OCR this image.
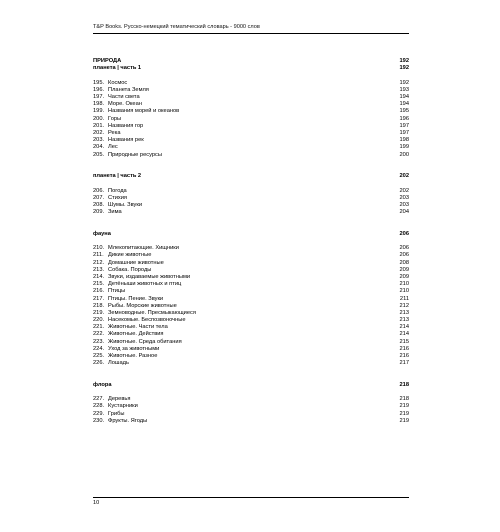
T&P Books. Русско-немецкий тематический словарь - 9000 слов
ПРИРОДА	192
планета | часть 1	192
195. Космос	192
196. Планета Земля	193
197. Части света	194
198. Море. Океан	194
199. Названия морей и океанов	195
200. Горы	196
201. Названия гор	197
202. Река	197
203. Названия рек	198
204. Лес	199
205. Природные ресурсы	200
планета | часть 2	202
206. Погода	202
207. Стихия	203
208. Шумы. Звуки	203
209. Зима	204
фауна	206
210. Млекопитающие. Хищники	206
211. Дикие животные	206
212. Домашние животные	208
213. Собака. Породы	209
214. Звуки, издаваемые животными	209
215. Детёныши животных и птиц	210
216. Птицы	210
217. Птицы. Пение. Звуки	211
218. Рыбы. Морские животные	212
219. Земноводные. Пресмыкающиеся	213
220. Насекомые. Беспозвоночные	213
221. Животные. Части тела	214
222. Животные. Действия	214
223. Животные. Среда обитания	215
224. Уход за животными	216
225. Животные. Разное	216
226. Лошадь	217
флора	218
227. Деревья	218
228. Кустарники	219
229. Грибы	219
230. Фрукты. Ягоды	219
10
